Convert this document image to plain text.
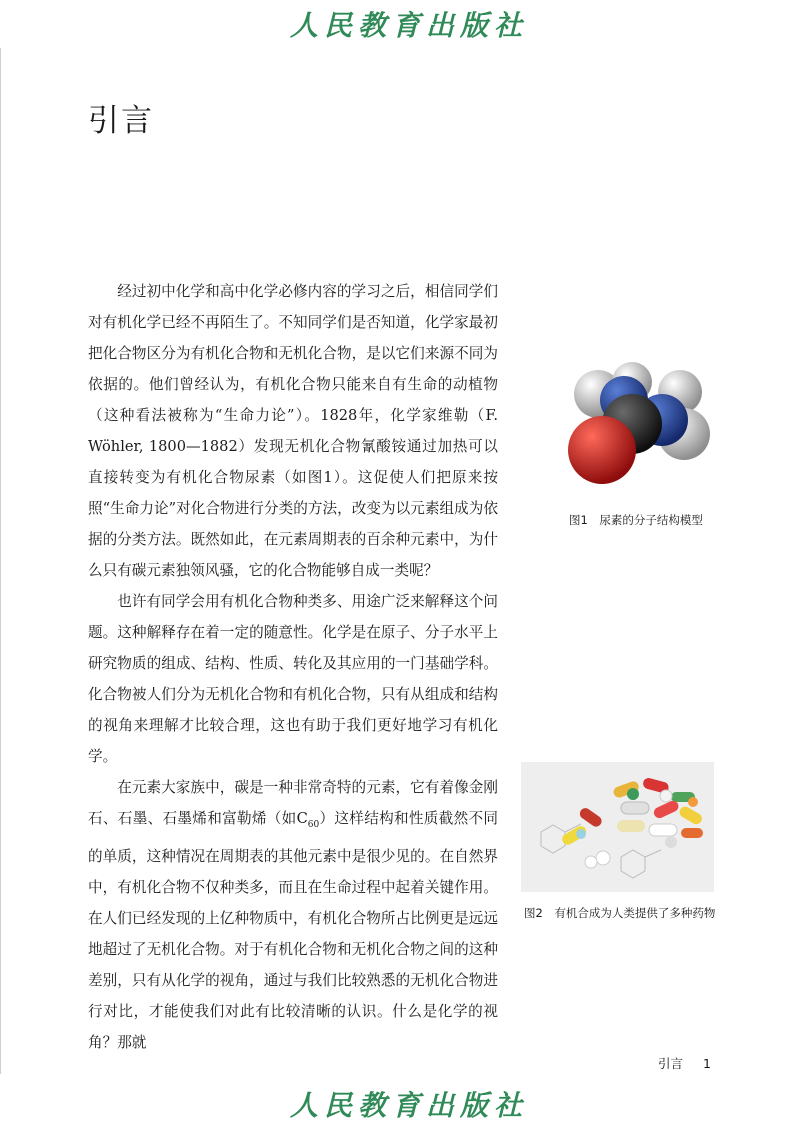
人民教育出版社
引言

经过初中化学和高中化学必修内容的学习之后，相信同学们对有机化学已经不再陌生了。不知同学们是否知道，化学家最初把化合物区分为有机化合物和无机化合物，是以它们来源不同为依据的。他们曾经认为，有机化合物只能来自有生命的动植物（这种看法被称为“生命力论”）。1828年，化学家维勒（F. Wöhler, 1800—1882）发现无机化合物氰酸铵通过加热可以直接转变为有机化合物尿素（如图1）。这促使人们把原来按照“生命力论”对化合物进行分类的方法，改变为以元素组成为依据的分类方法。既然如此，在元素周期表的百余种元素中，为什么只有碳元素独领风骚，它的化合物能够自成一类呢？

也许有同学会用有机化合物种类多、用途广泛来解释这个问题。这种解释存在着一定的随意性。化学是在原子、分子水平上研究物质的组成、结构、性质、转化及其应用的一门基础学科。化合物被人们分为无机化合物和有机化合物，只有从组成和结构的视角来理解才比较合理，这也有助于我们更好地学习有机化学。

在元素大家族中，碳是一种非常奇特的元素，它有着像金刚石、石墨、石墨烯和富勒烯（如$C_{60}$）这样结构和性质截然不同的单质，这种情况在周期表的其他元素中是很少见的。在自然界中，有机化合物不仅种类多，而且在生命过程中起着关键作用。在人们已经发现的上亿种物质中，有机化合物所占比例更是远远地超过了无机化合物。对于有机化合物和无机化合物之间的这种差别，只有从化学的视角，通过与我们比较熟悉的无机化合物进行对比，才能使我们对此有比较清晰的认识。什么是化学的视角？那就

图1　尿素的分子结构模型
图2　有机合成为人类提供了多种药物
引言 1
人民教育出版社
